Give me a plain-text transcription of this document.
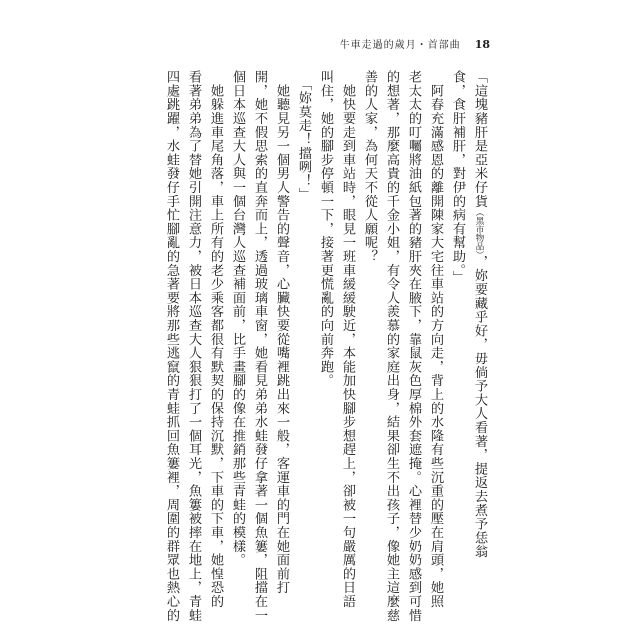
牛車走過的歲月・首部曲 18

「這塊豬肝是亞米仔貨（黑市物品），妳要藏乎好，毋倘予大人看著，提返去煮予恁翁

食，食肝補肝，對伊的病有幫助。」

　阿春充滿感恩的離開陳家大宅往車站的方向走，背上的水隆有些沉重的壓在肩頭，她照

老太太的叮囑將油紙包著的豬肝夾在腋下，靠鼠灰色厚棉外套遮掩。心裡替少奶奶感到可惜

的想著，那麼高貴的千金小姐，有令人羨慕的家庭出身，結果卻生不出孩子，像她主這麼慈

善的人家，為何天不從人願呢？

　她快要走到車站時，眼見一班車緩緩駛近，本能加快腳步想趕上，卻被一句嚴厲的日語

叫住，她的腳步停頓一下，接著更慌亂的向前奔跑。

　「妳莫走！擋咧！」

　她聽見另一個男人警告的聲音，心臟快要從嘴裡跳出來一般，客運車的門在她面前打

開，她不假思索的直奔而上，透過玻璃車窗，她看見弟弟水蛙發仔拿著一個魚簍，阻擋在一

個日本巡查大人與一個台灣人巡查補面前，比手畫腳的像在推銷那些青蛙的模樣。

　她躲進車尾角落，車上所有的老少乘客都很有默契的保持沉默，下車的下車，她惶恐的

看著弟弟為了替她引開注意力，被日本巡查大人狠狠打了一個耳光，魚簍被摔在地上，青蛙

四處跳躍，水蛙發仔手忙腳亂的急著要將那些逃竄的青蛙抓回魚簍裡，周圍的群眾也熱心的
